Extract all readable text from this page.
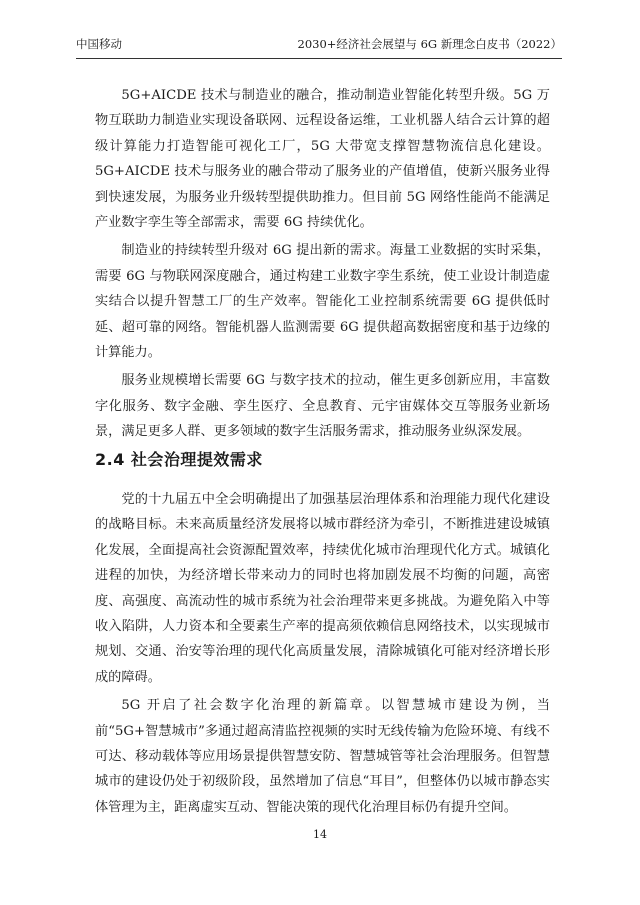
中国移动	2030+经济社会展望与 6G 新理念白皮书（2022）

5G+AICDE 技术与制造业的融合，推动制造业智能化转型升级。5G 万物互联助力制造业实现设备联网、远程设备运维，工业机器人结合云计算的超级计算能力打造智能可视化工厂，5G 大带宽支撑智慧物流信息化建设。5G+AICDE 技术与服务业的融合带动了服务业的产值增值，使新兴服务业得到快速发展，为服务业升级转型提供助推力。但目前 5G 网络性能尚不能满足产业数字孪生等全部需求，需要 6G 持续优化。

制造业的持续转型升级对 6G 提出新的需求。海量工业数据的实时采集，需要 6G 与物联网深度融合，通过构建工业数字孪生系统，使工业设计制造虚实结合以提升智慧工厂的生产效率。智能化工业控制系统需要 6G 提供低时延、超可靠的网络。智能机器人监测需要 6G 提供超高数据密度和基于边缘的计算能力。

服务业规模增长需要 6G 与数字技术的拉动，催生更多创新应用，丰富数字化服务、数字金融、孪生医疗、全息教育、元宇宙媒体交互等服务业新场景，满足更多人群、更多领域的数字生活服务需求，推动服务业纵深发展。

2.4 社会治理提效需求

党的十九届五中全会明确提出了加强基层治理体系和治理能力现代化建设的战略目标。未来高质量经济发展将以城市群经济为牵引，不断推进建设城镇化发展，全面提高社会资源配置效率，持续优化城市治理现代化方式。城镇化进程的加快，为经济增长带来动力的同时也将加剧发展不均衡的问题，高密度、高强度、高流动性的城市系统为社会治理带来更多挑战。为避免陷入中等收入陷阱，人力资本和全要素生产率的提高须依赖信息网络技术，以实现城市规划、交通、治安等治理的现代化高质量发展，清除城镇化可能对经济增长形成的障碍。

5G 开启了社会数字化治理的新篇章。以智慧城市建设为例，当前“5G+智慧城市”多通过超高清监控视频的实时无线传输为危险环境、有线不可达、移动载体等应用场景提供智慧安防、智慧城管等社会治理服务。但智慧城市的建设仍处于初级阶段，虽然增加了信息“耳目”，但整体仍以城市静态实体管理为主，距离虚实互动、智能决策的现代化治理目标仍有提升空间。

14
